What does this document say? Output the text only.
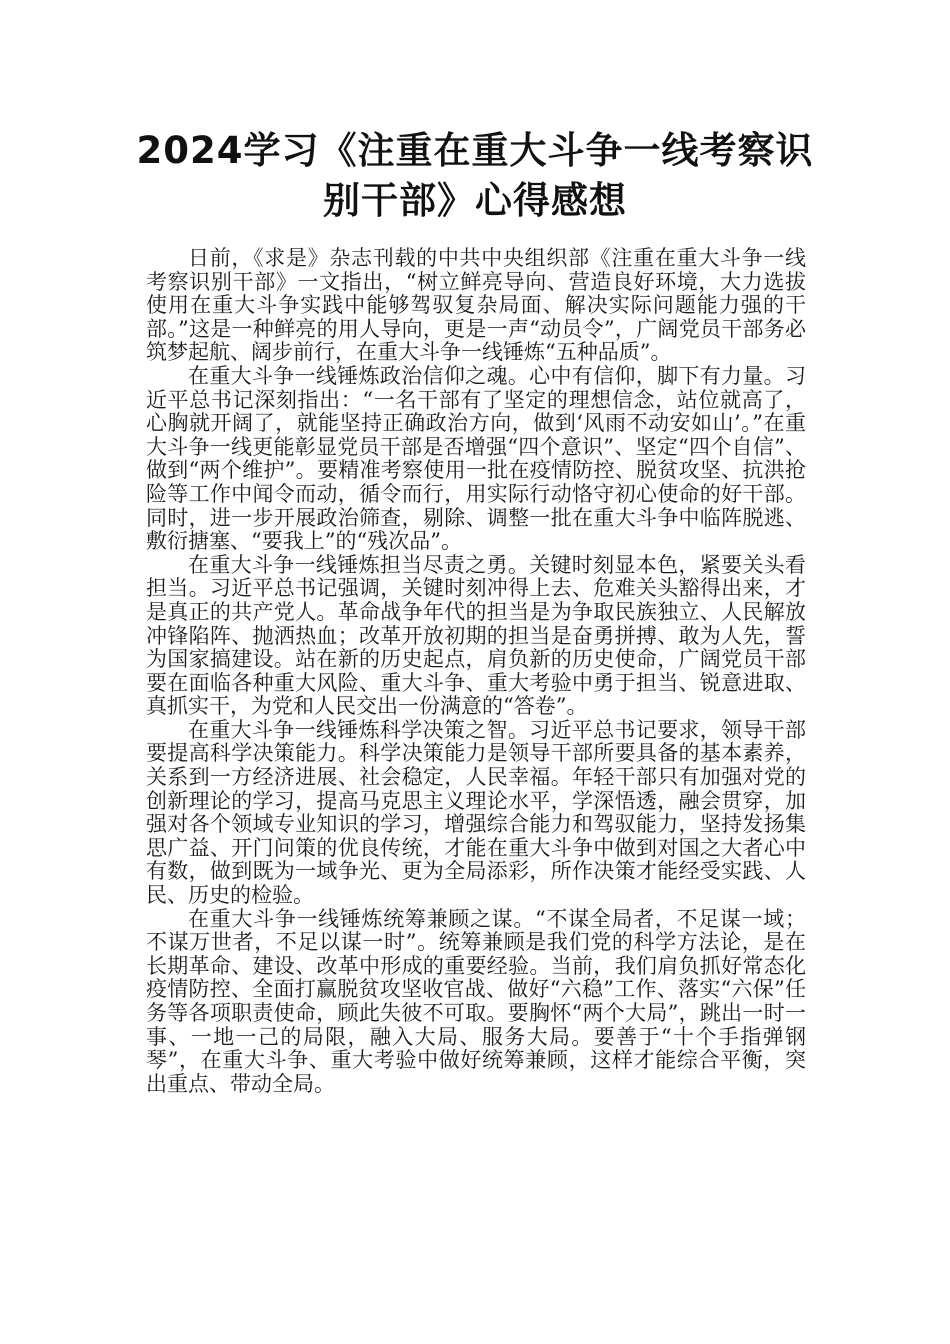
2024学习《注重在重大斗争一线考察识别干部》心得感想

日前，《求是》杂志刊载的中共中央组织部《注重在重大斗争一线考察识别干部》一文指出，“树立鲜亮导向、营造良好环境，大力选拔使用在重大斗争实践中能够驾驭复杂局面、解决实际问题能力强的干部。”这是一种鲜亮的用人导向，更是一声“动员令”，广阔党员干部务必筑梦起航、阔步前行，在重大斗争一线锤炼“五种品质”。

在重大斗争一线锤炼政治信仰之魂。心中有信仰，脚下有力量。习近平总书记深刻指出：“一名干部有了坚定的理想信念，站位就高了，心胸就开阔了，就能坚持正确政治方向，做到‘风雨不动安如山’。”在重大斗争一线更能彰显党员干部是否增强“四个意识”、坚定“四个自信”、做到“两个维护”。要精准考察使用一批在疫情防控、脱贫攻坚、抗洪抢险等工作中闻令而动，循令而行，用实际行动恪守初心使命的好干部。同时，进一步开展政治筛查，剔除、调整一批在重大斗争中临阵脱逃、敷衍搪塞、“要我上”的“残次品”。

在重大斗争一线锤炼担当尽责之勇。关键时刻显本色，紧要关头看担当。习近平总书记强调，关键时刻冲得上去、危难关头豁得出来，才是真正的共产党人。革命战争年代的担当是为争取民族独立、人民解放冲锋陷阵、抛洒热血；改革开放初期的担当是奋勇拼搏、敢为人先，誓为国家搞建设。站在新的历史起点，肩负新的历史使命，广阔党员干部要在面临各种重大风险、重大斗争、重大考验中勇于担当、锐意进取、真抓实干，为党和人民交出一份满意的“答卷”。

在重大斗争一线锤炼科学决策之智。习近平总书记要求，领导干部要提高科学决策能力。科学决策能力是领导干部所要具备的基本素养，关系到一方经济进展、社会稳定，人民幸福。年轻干部只有加强对党的创新理论的学习，提高马克思主义理论水平，学深悟透，融会贯穿，加强对各个领域专业知识的学习，增强综合能力和驾驭能力，坚持发扬集思广益、开门问策的优良传统，才能在重大斗争中做到对国之大者心中有数，做到既为一域争光、更为全局添彩，所作决策才能经受实践、人民、历史的检验。

在重大斗争一线锤炼统筹兼顾之谋。“不谋全局者，不足谋一域；不谋万世者，不足以谋一时”。统筹兼顾是我们党的科学方法论，是在长期革命、建设、改革中形成的重要经验。当前，我们肩负抓好常态化疫情防控、全面打赢脱贫攻坚收官战、做好“六稳”工作、落实“六保”任务等各项职责使命，顾此失彼不可取。要胸怀“两个大局”，跳出一时一事、一地一己的局限，融入大局、服务大局。要善于“十个手指弹钢琴”，在重大斗争、重大考验中做好统筹兼顾，这样才能综合平衡，突出重点、带动全局。
